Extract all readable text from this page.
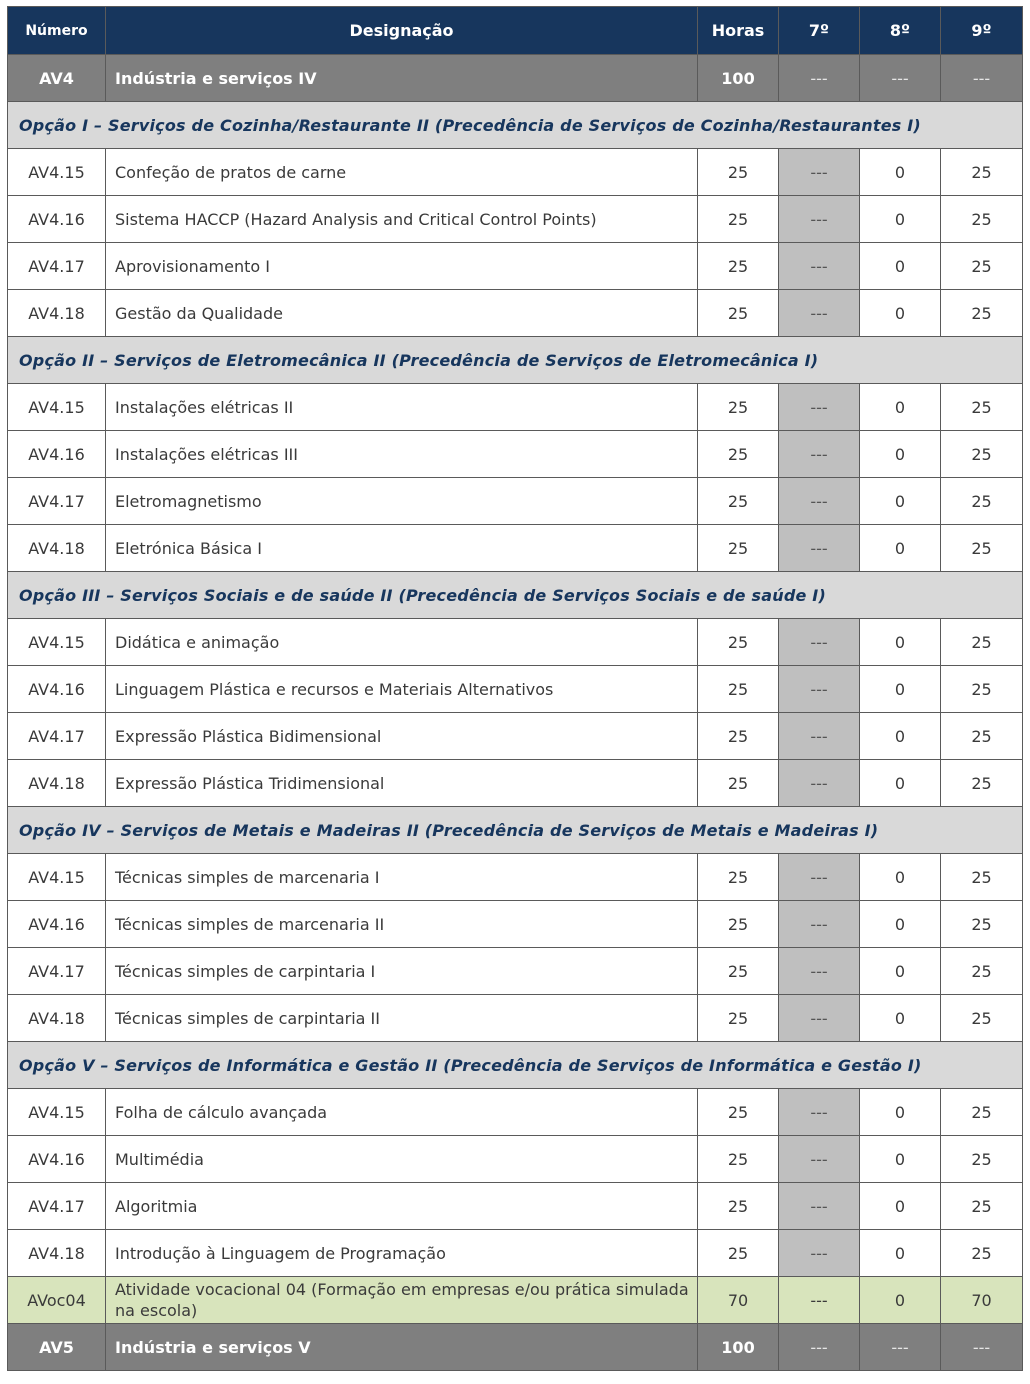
Número	Designação	Horas	7º	8º	9º
AV4	Indústria e serviços IV	100	---	---	---
Opção I – Serviços de Cozinha/Restaurante II (Precedência de Serviços de Cozinha/Restaurantes I)					
AV4.15	Confeção de pratos de carne	25	---	0	25
AV4.16	Sistema HACCP (Hazard Analysis and Critical Control Points)	25	---	0	25
AV4.17	Aprovisionamento I	25	---	0	25
AV4.18	Gestão da Qualidade	25	---	0	25
Opção II – Serviços de Eletromecânica II (Precedência de Serviços de Eletromecânica I)					
AV4.15	Instalações elétricas II	25	---	0	25
AV4.16	Instalações elétricas III	25	---	0	25
AV4.17	Eletromagnetismo	25	---	0	25
AV4.18	Eletrónica Básica I	25	---	0	25
Opção III – Serviços Sociais e de saúde II (Precedência de Serviços Sociais e de saúde I)					
AV4.15	Didática e animação	25	---	0	25
AV4.16	Linguagem Plástica e recursos e Materiais Alternativos	25	---	0	25
AV4.17	Expressão Plástica Bidimensional	25	---	0	25
AV4.18	Expressão Plástica Tridimensional	25	---	0	25
Opção IV – Serviços de Metais e Madeiras II (Precedência de Serviços de Metais e Madeiras I)					
AV4.15	Técnicas simples de marcenaria I	25	---	0	25
AV4.16	Técnicas simples de marcenaria II	25	---	0	25
AV4.17	Técnicas simples de carpintaria I	25	---	0	25
AV4.18	Técnicas simples de carpintaria II	25	---	0	25
Opção V – Serviços de Informática e Gestão II (Precedência de Serviços de Informática e Gestão I)					
AV4.15	Folha de cálculo avançada	25	---	0	25
AV4.16	Multimédia	25	---	0	25
AV4.17	Algoritmia	25	---	0	25
AV4.18	Introdução à Linguagem de Programação	25	---	0	25
AVoc04	Atividade vocacional 04 (Formação em empresas e/ou prática simulada na escola)	70	---	0	70
AV5	Indústria e serviços V	100	---	---	---
